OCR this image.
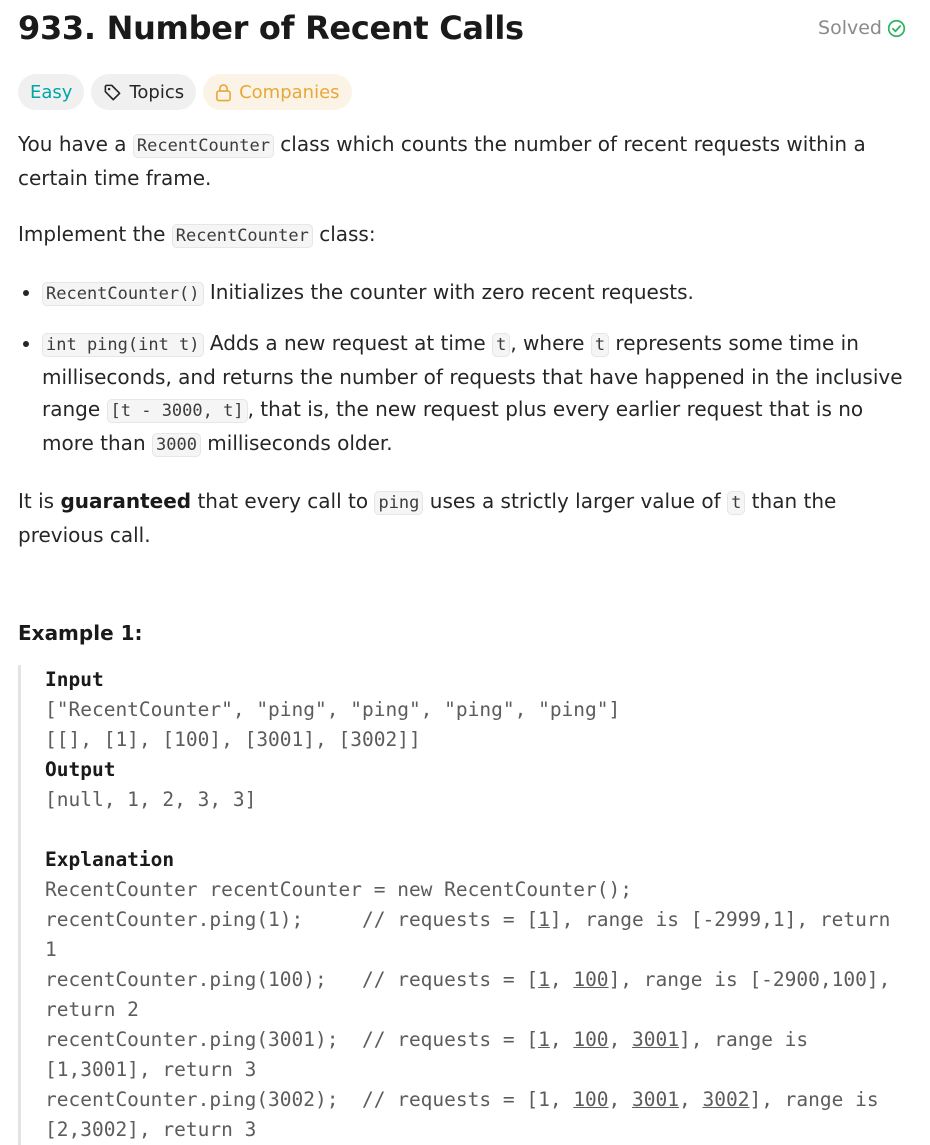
933. Number of Recent Calls	Solved
Easy	Topics	Companies

You have a RecentCounter class which counts the number of recent requests within a certain time frame.

Implement the RecentCounter class:

• RecentCounter() Initializes the counter with zero recent requests.
• int ping(int t) Adds a new request at time t , where t represents some time in milliseconds, and returns the number of requests that have happened in the inclusive range [t - 3000, t] , that is, the new request plus every earlier request that is no more than 3000 milliseconds older.

It is guaranteed that every call to ping uses a strictly larger value of t than the previous call.

Example 1:
Input
["RecentCounter", "ping", "ping", "ping", "ping"]
[[], [1], [100], [3001], [3002]]
Output
[null, 1, 2, 3, 3]
Explanation
RecentCounter recentCounter = new RecentCounter();
recentCounter.ping(1);     // requests = [1], range is [-2999,1], return 1
recentCounter.ping(100);   // requests = [1, 100], range is [-2900,100], return 2
recentCounter.ping(3001);  // requests = [1, 100, 3001], range is [1,3001], return 3
recentCounter.ping(3002);  // requests = [1, 100, 3001, 3002], range is [2,3002], return 3
